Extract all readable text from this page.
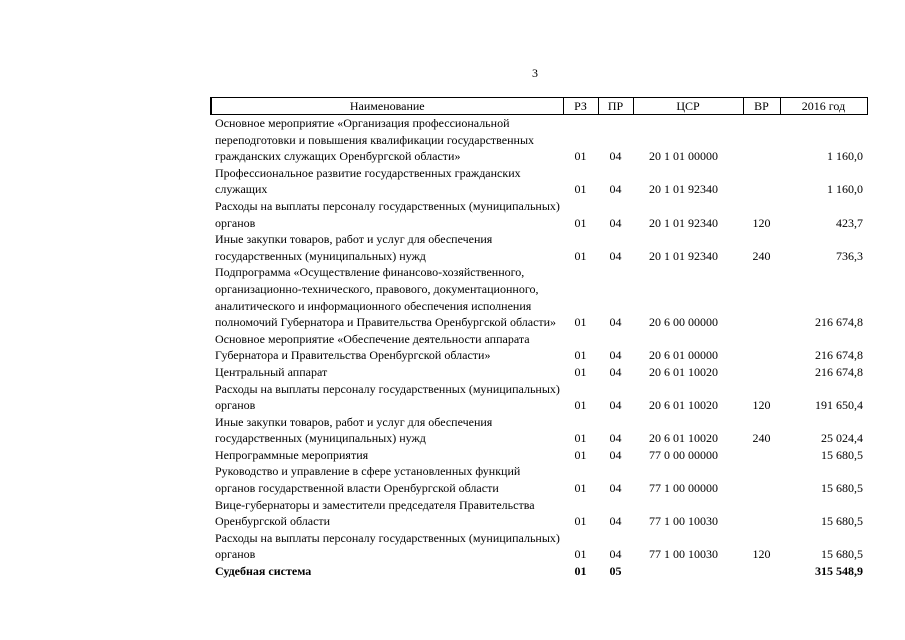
3
Наименование	РЗ	ПР	ЦСР	ВР	2016 год
Основное мероприятие «Организация профессиональной переподготовки и повышения квалификации государственных гражданских служащих Оренбургской области»	01	04	20 1 01 00000		1 160,0
Профессиональное развитие государственных гражданских служащих	01	04	20 1 01 92340		1 160,0
Расходы на выплаты персоналу государственных (муниципальных) органов	01	04	20 1 01 92340	120	423,7
Иные закупки товаров, работ и услуг для обеспечения государственных (муниципальных) нужд	01	04	20 1 01 92340	240	736,3
Подпрограмма «Осуществление финансово-хозяйственного, организационно-технического, правового, документационного, аналитического и информационного обеспечения исполнения полномочий Губернатора и Правительства Оренбургской области»	01	04	20 6 00 00000		216 674,8
Основное мероприятие «Обеспечение деятельности аппарата Губернатора и Правительства Оренбургской области»	01	04	20 6 01 00000		216 674,8
Центральный аппарат	01	04	20 6 01 10020		216 674,8
Расходы на выплаты персоналу государственных (муниципальных) органов	01	04	20 6 01 10020	120	191 650,4
Иные закупки товаров, работ и услуг для обеспечения государственных (муниципальных) нужд	01	04	20 6 01 10020	240	25 024,4
Непрограммные мероприятия	01	04	77 0 00 00000		15 680,5
Руководство и управление в сфере установленных функций органов государственной власти Оренбургской области	01	04	77 1 00 00000		15 680,5
Вице-губернаторы и заместители председателя Правительства Оренбургской области	01	04	77 1 00 10030		15 680,5
Расходы на выплаты персоналу государственных (муниципальных) органов	01	04	77 1 00 10030	120	15 680,5
Судебная система	01	05			315 548,9
